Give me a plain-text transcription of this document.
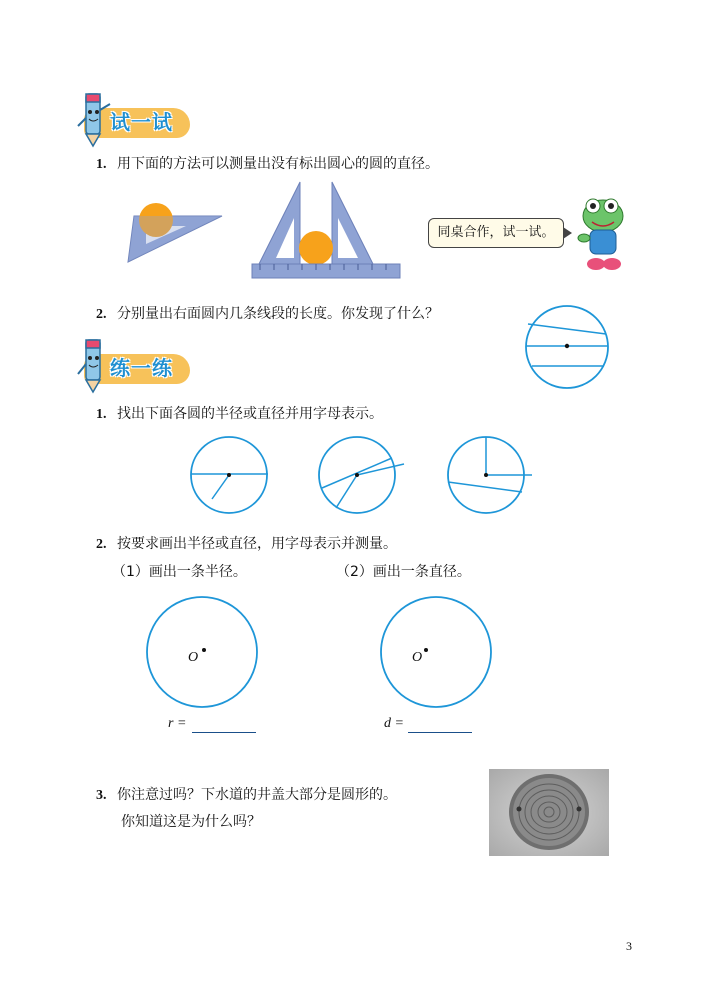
试一试
1. 用下面的方法可以测量出没有标出圆心的圆的直径。
同桌合作，试一试。
2. 分别量出右面圆内几条线段的长度。你发现了什么？
练一练
1. 找出下面各圆的半径或直径并用字母表示。
2. 按要求画出半径或直径，用字母表示并测量。
（1）画出一条半径。	（2）画出一条直径。
O	O
r =	d =
3. 你注意过吗？下水道的井盖大部分是圆形的。
你知道这是为什么吗？
3
